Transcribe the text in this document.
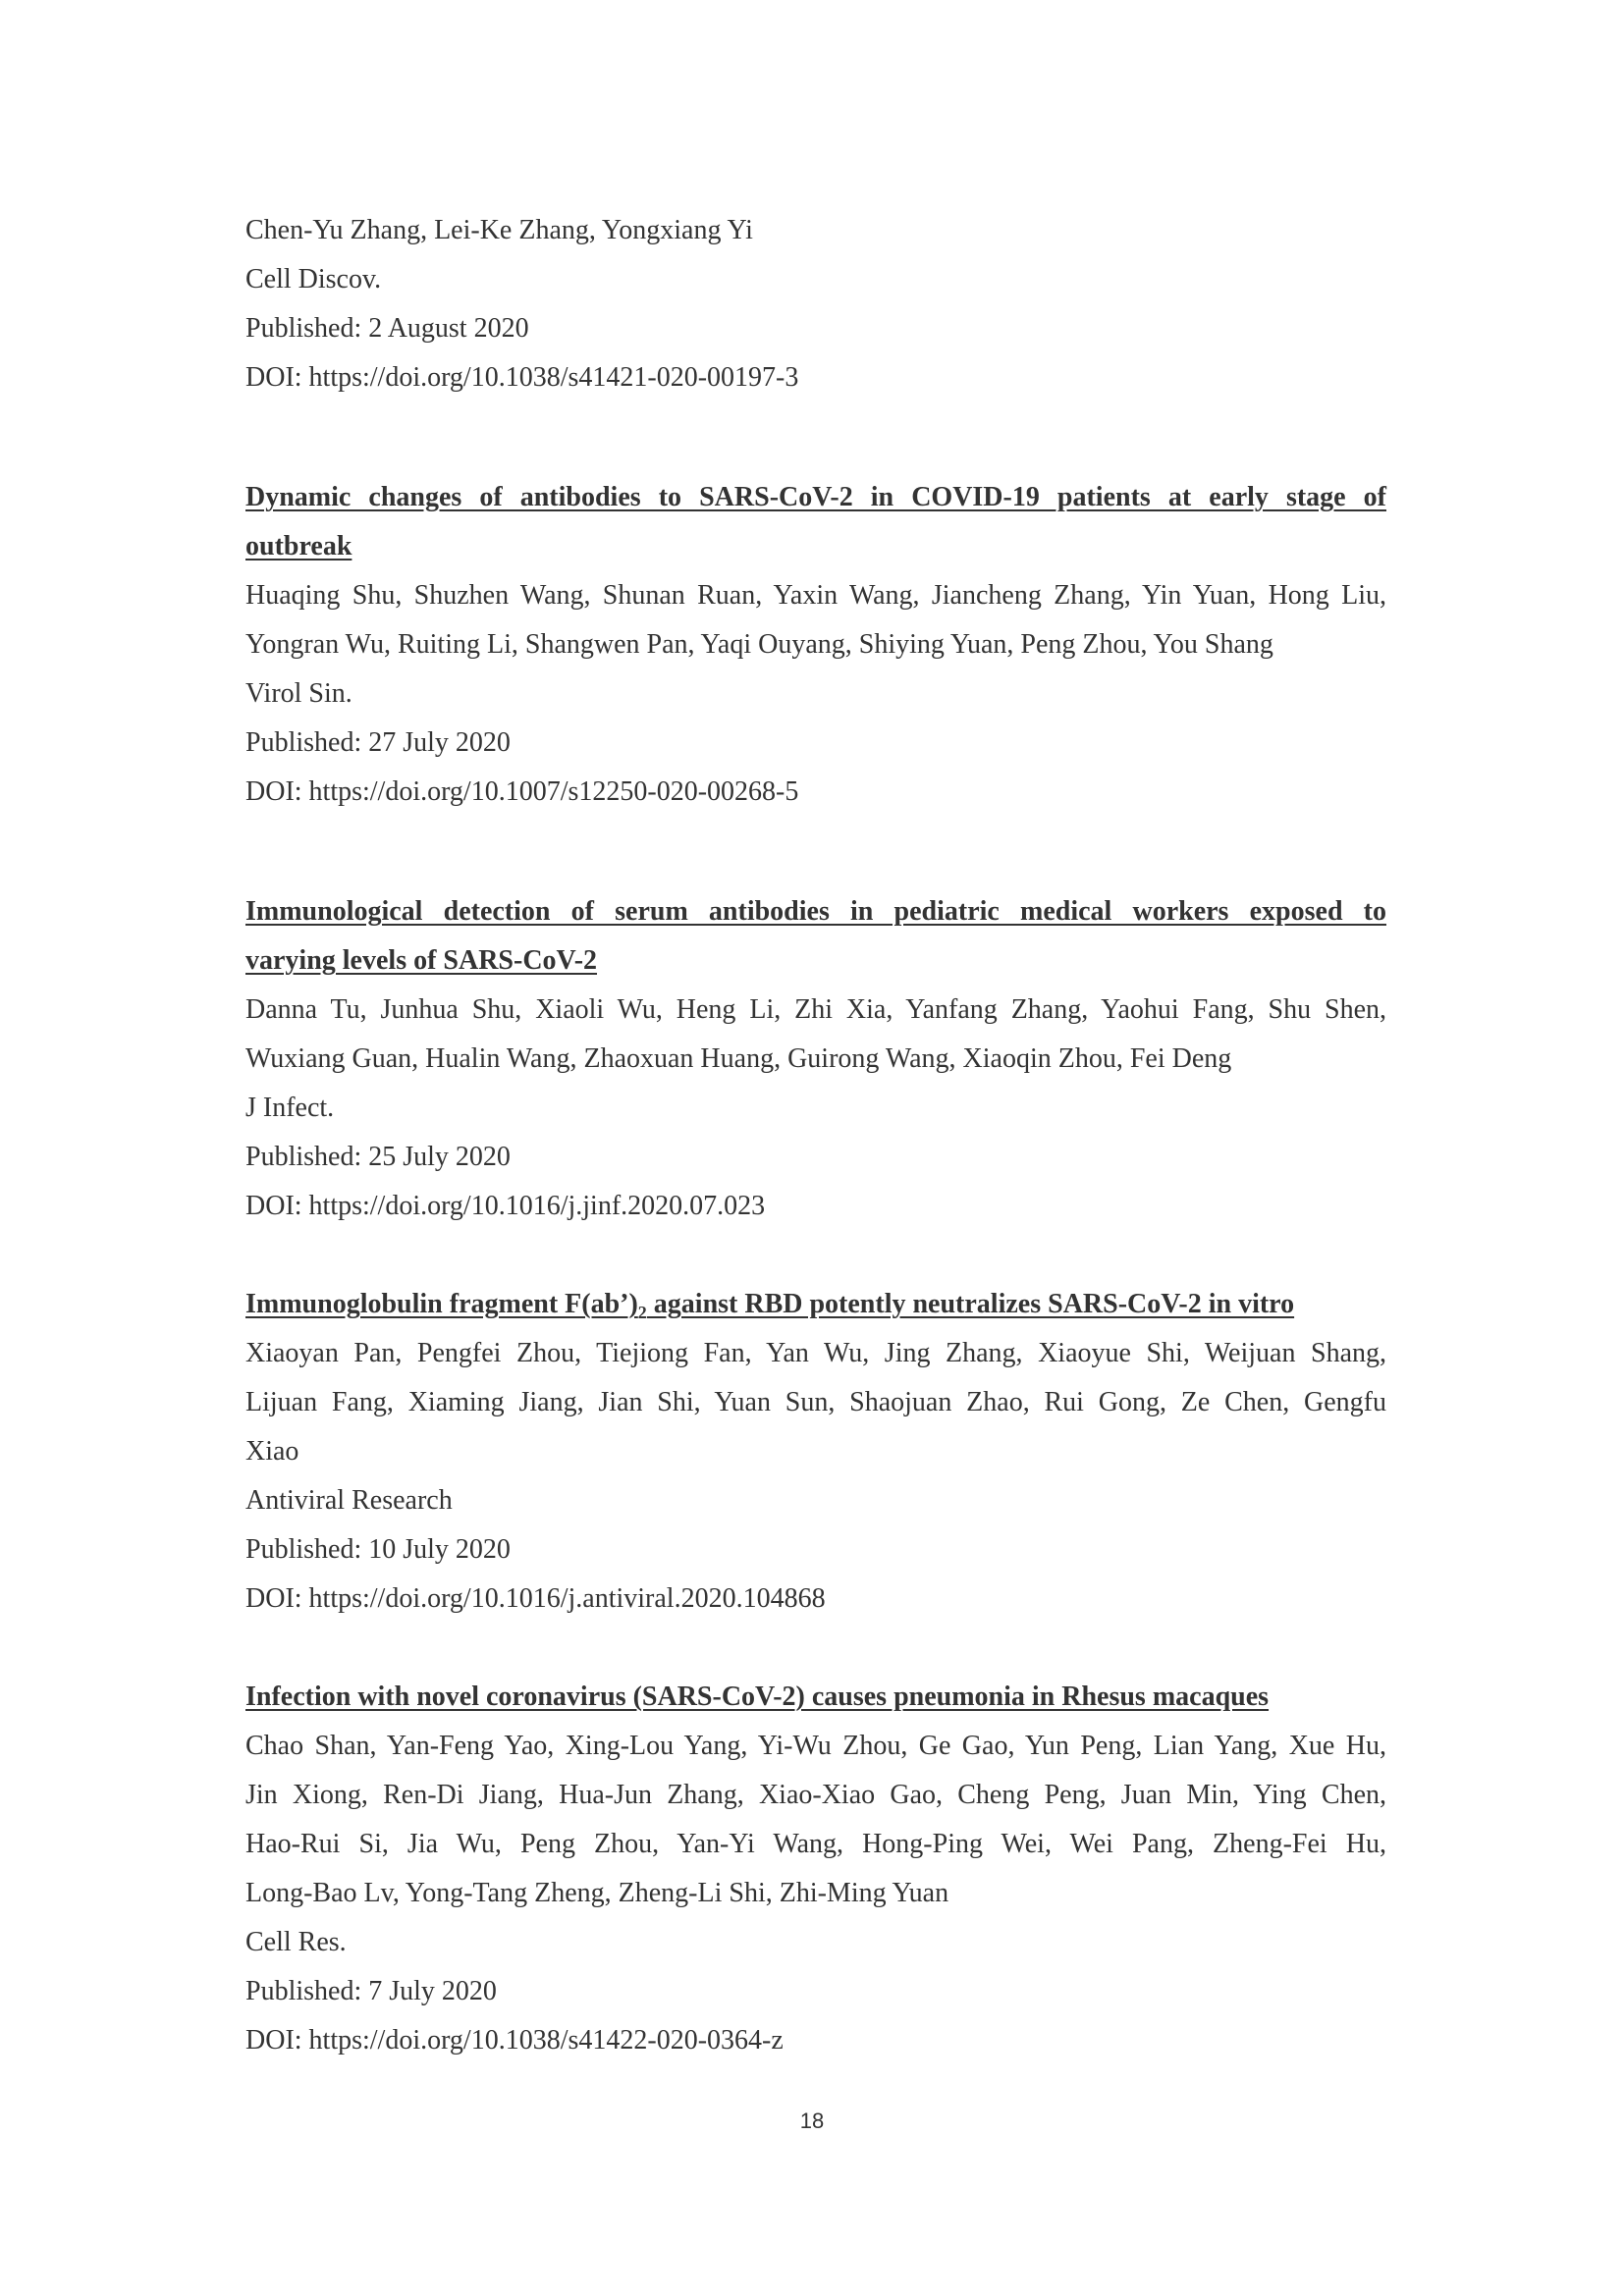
Chen-Yu Zhang, Lei-Ke Zhang, Yongxiang Yi
Cell Discov.
Published: 2 August 2020
DOI: https://doi.org/10.1038/s41421-020-00197-3
Dynamic changes of antibodies to SARS-CoV-2 in COVID-19 patients at early stage of
outbreak
Huaqing Shu, Shuzhen Wang, Shunan Ruan, Yaxin Wang, Jiancheng Zhang, Yin Yuan, Hong Liu,
Yongran Wu, Ruiting Li, Shangwen Pan, Yaqi Ouyang, Shiying Yuan, Peng Zhou, You Shang
Virol Sin.
Published: 27 July 2020
DOI: https://doi.org/10.1007/s12250-020-00268-5
Immunological detection of serum antibodies in pediatric medical workers exposed to
varying levels of SARS-CoV-2
Danna Tu, Junhua Shu, Xiaoli Wu, Heng Li, Zhi Xia, Yanfang Zhang, Yaohui Fang, Shu Shen,
Wuxiang Guan, Hualin Wang, Zhaoxuan Huang, Guirong Wang, Xiaoqin Zhou, Fei Deng
J Infect.
Published: 25 July 2020
DOI: https://doi.org/10.1016/j.jinf.2020.07.023
Immunoglobulin fragment $F(ab’)_2$ against RBD potently neutralizes SARS-CoV-2 in vitro
Xiaoyan Pan, Pengfei Zhou, Tiejiong Fan, Yan Wu, Jing Zhang, Xiaoyue Shi, Weijuan Shang,
Lijuan Fang, Xiaming Jiang, Jian Shi, Yuan Sun, Shaojuan Zhao, Rui Gong, Ze Chen, Gengfu
Xiao
Antiviral Research
Published: 10 July 2020
DOI: https://doi.org/10.1016/j.antiviral.2020.104868
Infection with novel coronavirus (SARS-CoV-2) causes pneumonia in Rhesus macaques
Chao Shan, Yan-Feng Yao, Xing-Lou Yang, Yi-Wu Zhou, Ge Gao, Yun Peng, Lian Yang, Xue Hu,
Jin Xiong, Ren-Di Jiang, Hua-Jun Zhang, Xiao-Xiao Gao, Cheng Peng, Juan Min, Ying Chen,
Hao-Rui Si, Jia Wu, Peng Zhou, Yan-Yi Wang, Hong-Ping Wei, Wei Pang, Zheng-Fei Hu,
Long-Bao Lv, Yong-Tang Zheng, Zheng-Li Shi, Zhi-Ming Yuan
Cell Res.
Published: 7 July 2020
DOI: https://doi.org/10.1038/s41422-020-0364-z
18
